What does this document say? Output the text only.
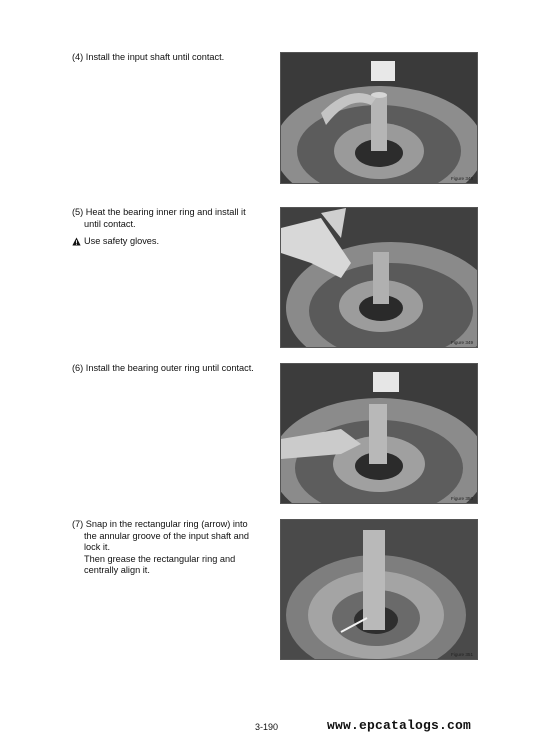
(4) Install the input shaft until contact.
Figure 348
(5) Heat the bearing inner ring and install it
until contact.
Use safety gloves.
Figure 349
(6) Install the bearing outer ring until contact.
Figure 350
(7) Snap in the rectangular ring (arrow) into
the annular groove of the input shaft and
lock it.
Then grease the rectangular ring and
centrally align it.
Figure 351
3-190	www.epcatalogs.com
